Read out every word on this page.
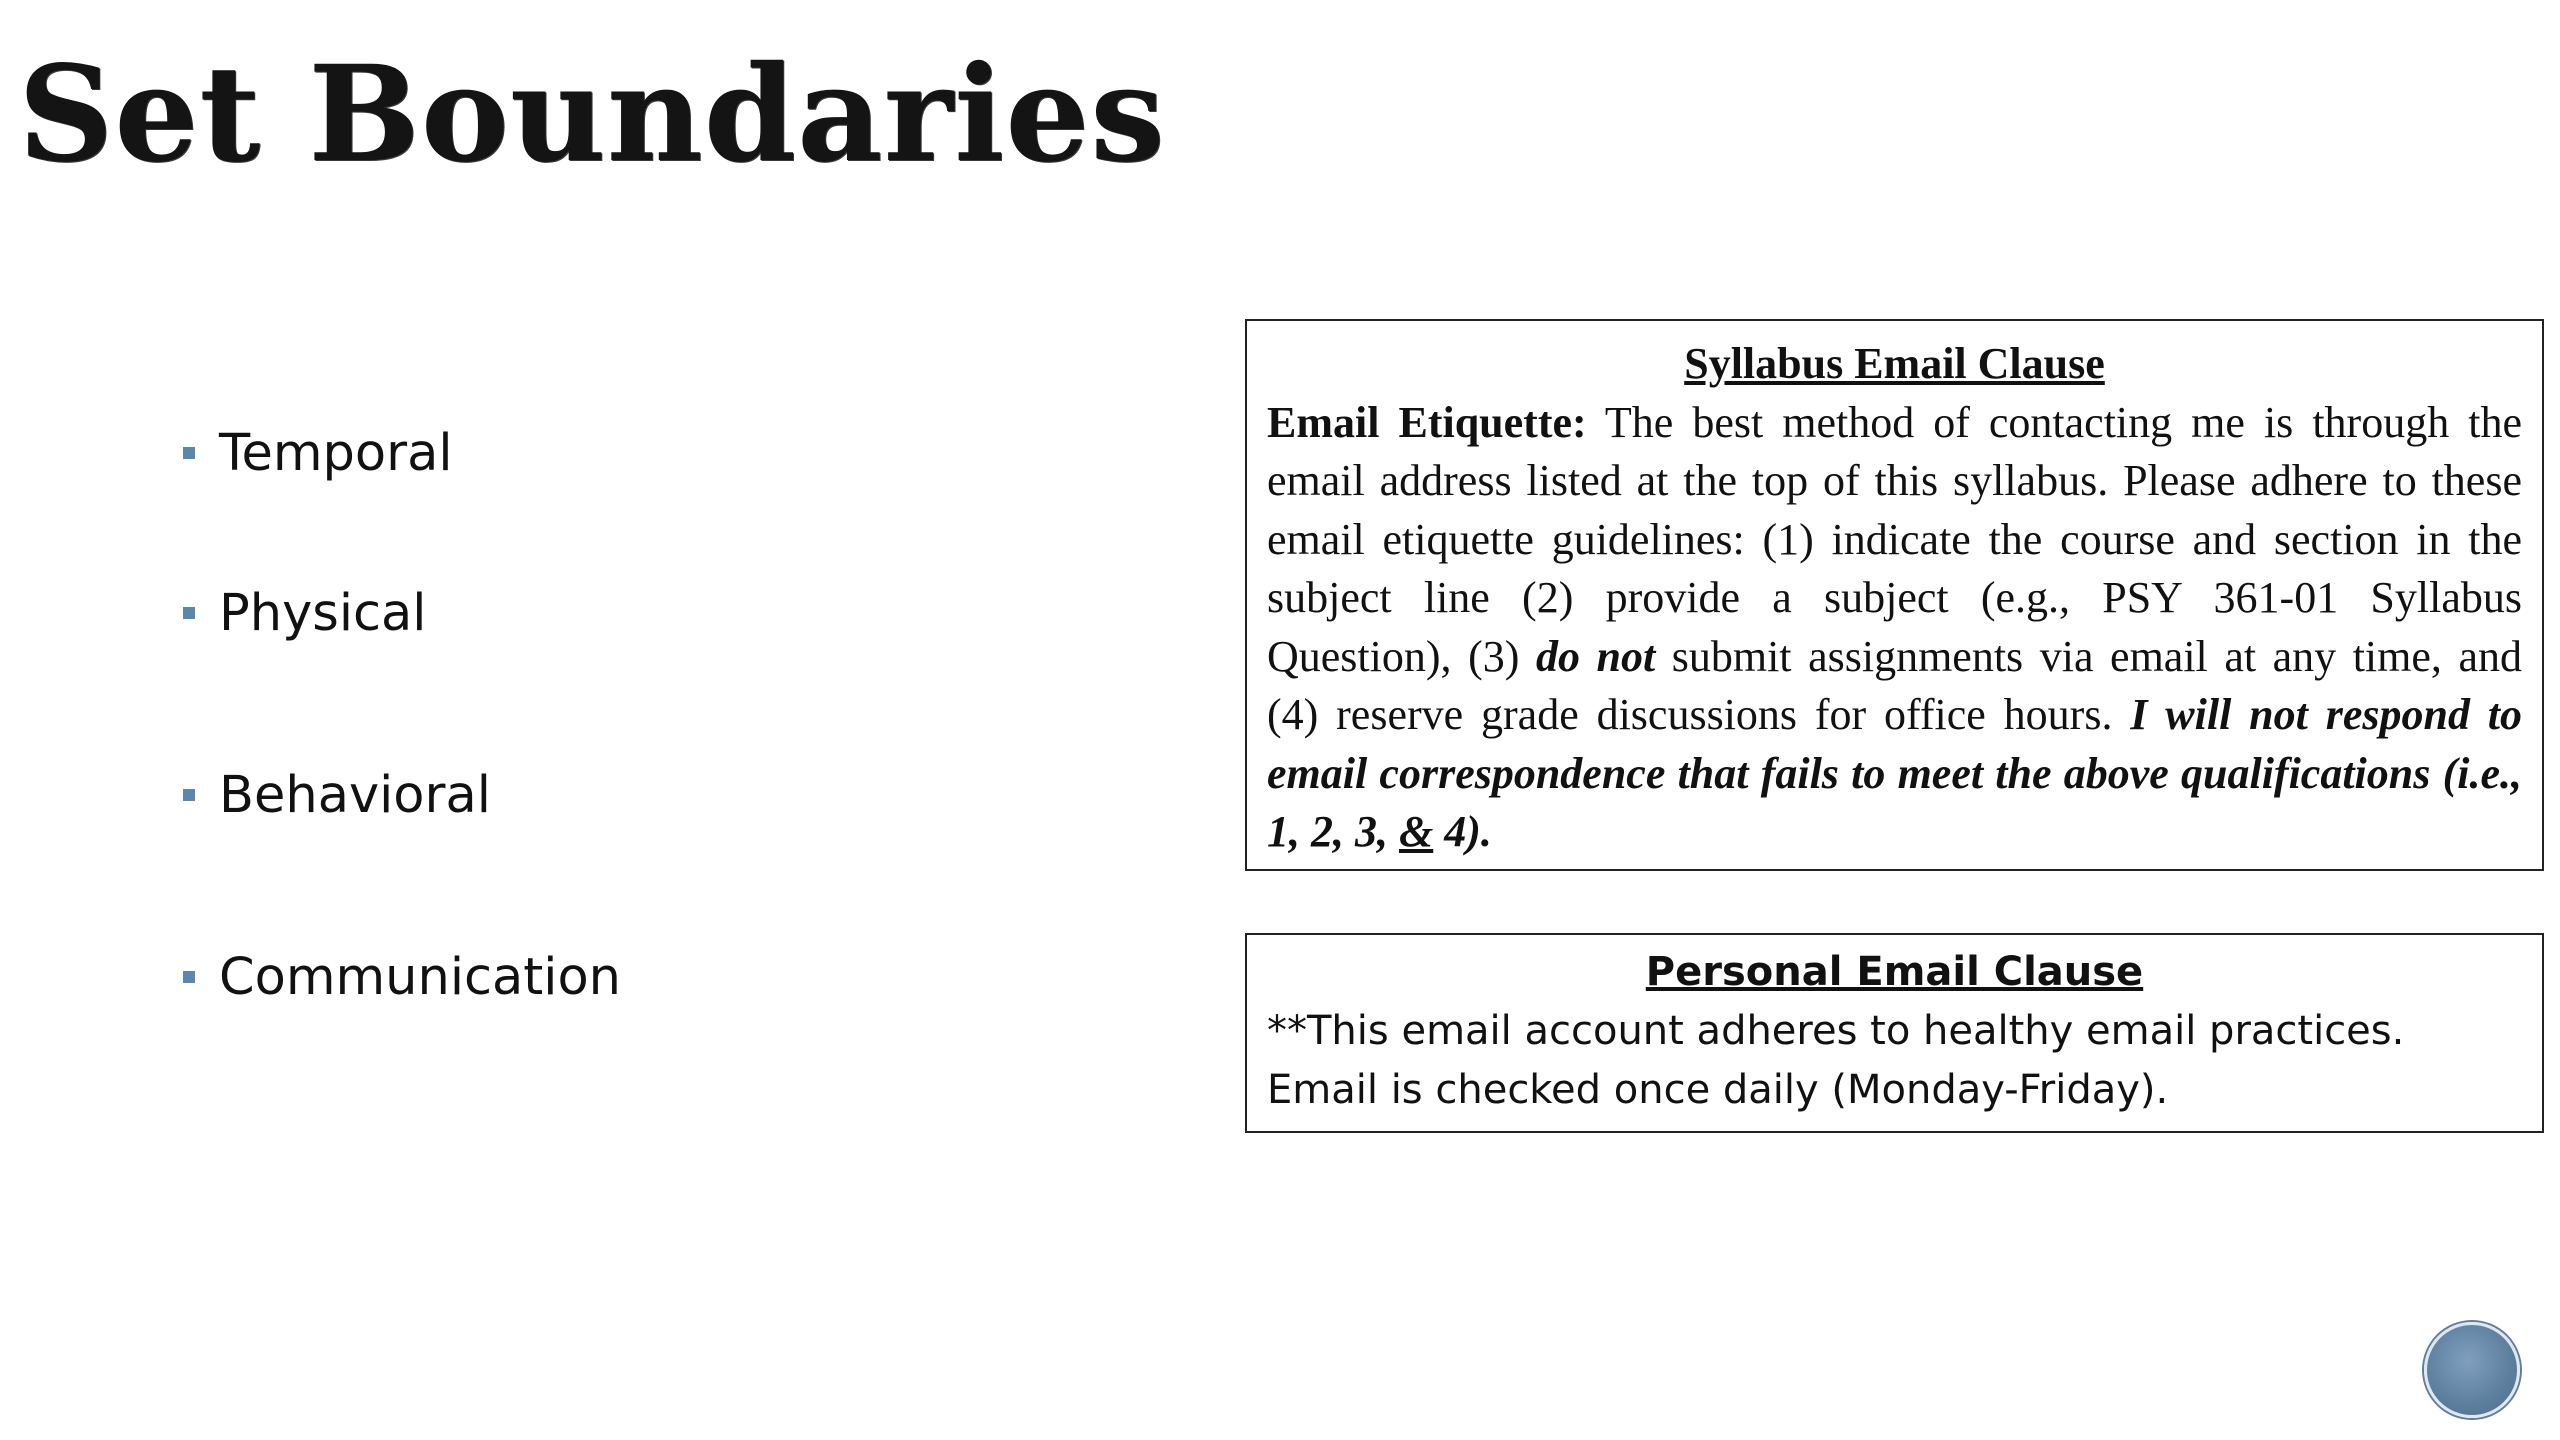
Set Boundaries
Temporal
Physical
Behavioral
Communication
Syllabus Email Clause
Email Etiquette: The best method of contacting me is through the email address listed at the top of this syllabus. Please adhere to these email etiquette guidelines: (1) indicate the course and section in the subject line (2) provide a subject (e.g., PSY 361-01 Syllabus Question), (3) do not submit assignments via email at any time, and (4) reserve grade discussions for office hours. I will not respond to email correspondence that fails to meet the above qualifications (i.e., 1, 2, 3, & 4).
Personal Email Clause
**This email account adheres to healthy email practices. Email is checked once daily (Monday-Friday).
